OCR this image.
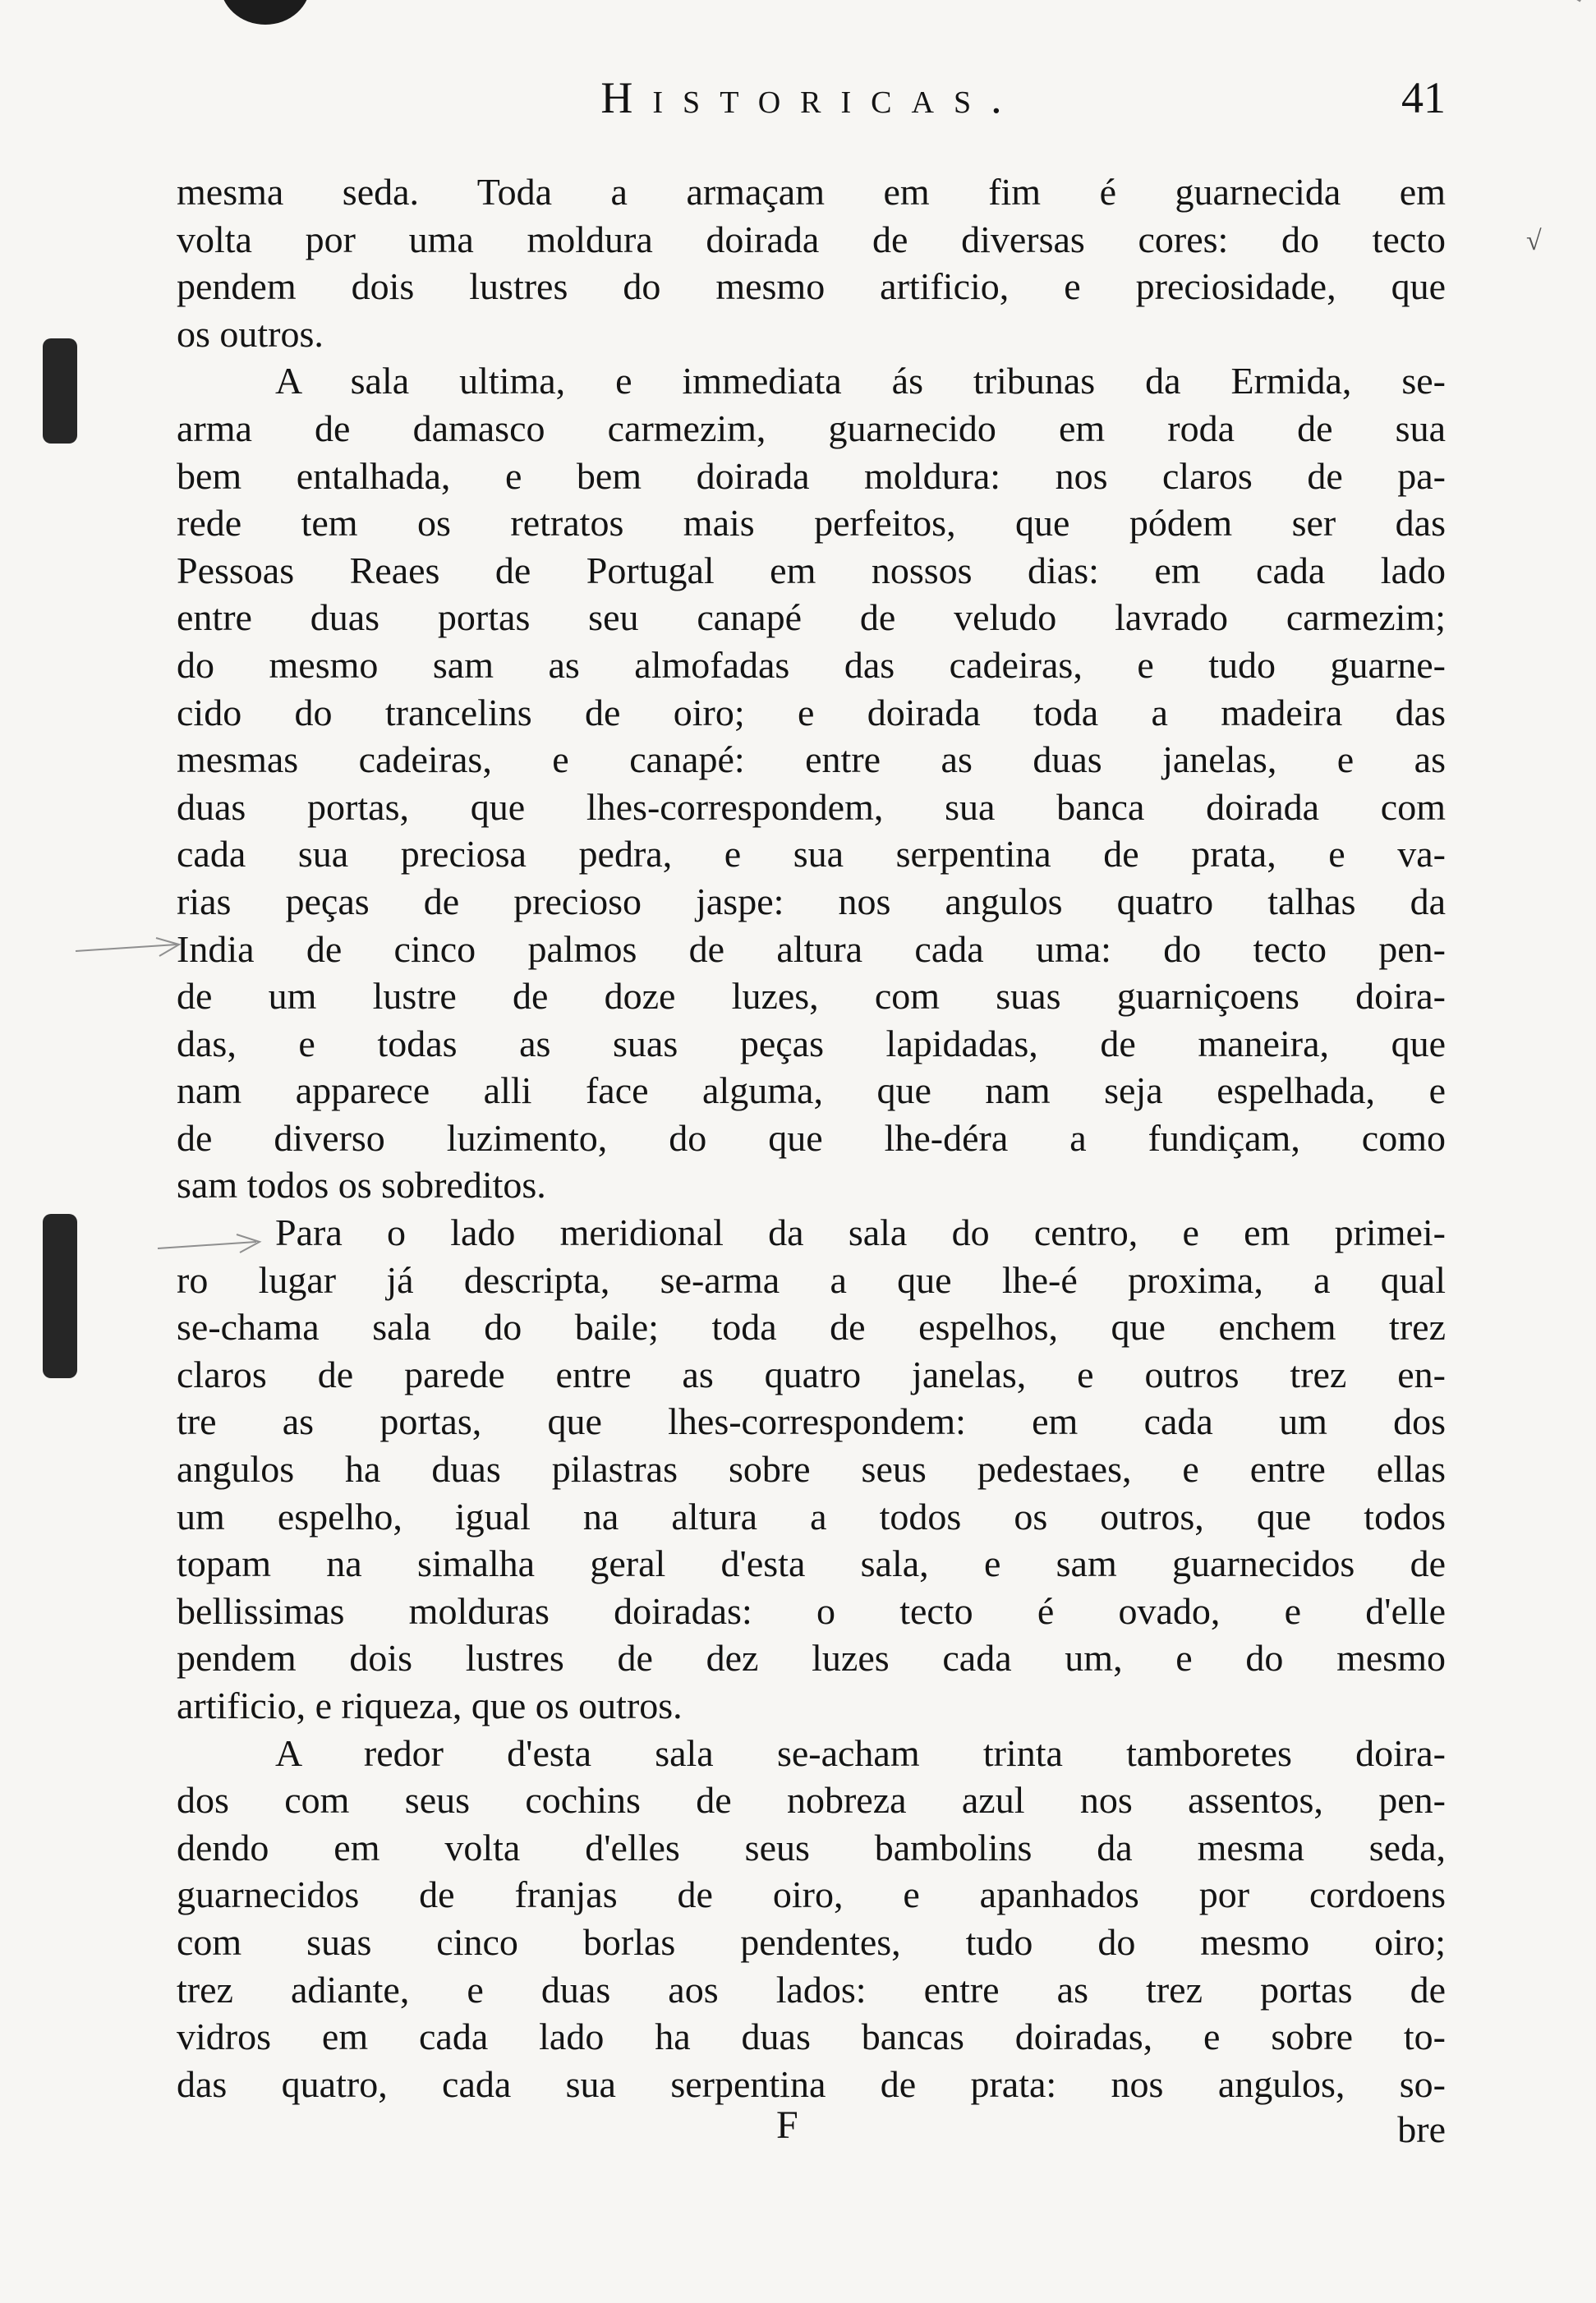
Historicas.	41
mesma seda. Toda a armaçam em fim é guarnecida em
volta por uma moldura doirada de diversas cores: do tecto
pendem dois lustres do mesmo artificio, e preciosidade, que
os outros.
A sala ultima, e immediata ás tribunas da Ermida, se-
arma de damasco carmezim, guarnecido em roda de sua
bem entalhada, e bem doirada moldura: nos claros de pa-
rede tem os retratos mais perfeitos, que pódem ser das
Pessoas Reaes de Portugal em nossos dias: em cada lado
entre duas portas seu canapé de veludo lavrado carmezim;
do mesmo sam as almofadas das cadeiras, e tudo guarne-
cido do trancelins de oiro; e doirada toda a madeira das
mesmas cadeiras, e canapé: entre as duas janelas, e as
duas portas, que lhes-correspondem, sua banca doirada com
cada sua preciosa pedra, e sua serpentina de prata, e va-
rias peças de precioso jaspe: nos angulos quatro talhas da
India de cinco palmos de altura cada uma: do tecto pen-
de um lustre de doze luzes, com suas guarniçoens doira-
das, e todas as suas peças lapidadas, de maneira, que
nam apparece alli face alguma, que nam seja espelhada, e
de diverso luzimento, do que lhe-déra a fundiçam, como
sam todos os sobreditos.
Para o lado meridional da sala do centro, e em primei-
ro lugar já descripta, se-arma a que lhe-é proxima, a qual
se-chama sala do baile; toda de espelhos, que enchem trez
claros de parede entre as quatro janelas, e outros trez en-
tre as portas, que lhes-correspondem: em cada um dos
angulos ha duas pilastras sobre seus pedestaes, e entre ellas
um espelho, igual na altura a todos os outros, que todos
topam na simalha geral d'esta sala, e sam guarnecidos de
bellissimas molduras doiradas: o tecto é ovado, e d'elle
pendem dois lustres de dez luzes cada um, e do mesmo
artificio, e riqueza, que os outros.
A redor d'esta sala se-acham trinta tamboretes doira-
dos com seus cochins de nobreza azul nos assentos, pen-
dendo em volta d'elles seus bambolins da mesma seda,
guarnecidos de franjas de oiro, e apanhados por cordoens
com suas cinco borlas pendentes, tudo do mesmo oiro;
trez adiante, e duas aos lados: entre as trez portas de
vidros em cada lado ha duas bancas doiradas, e sobre to-
das quatro, cada sua serpentina de prata: nos angulos, so-
F	bre
√
